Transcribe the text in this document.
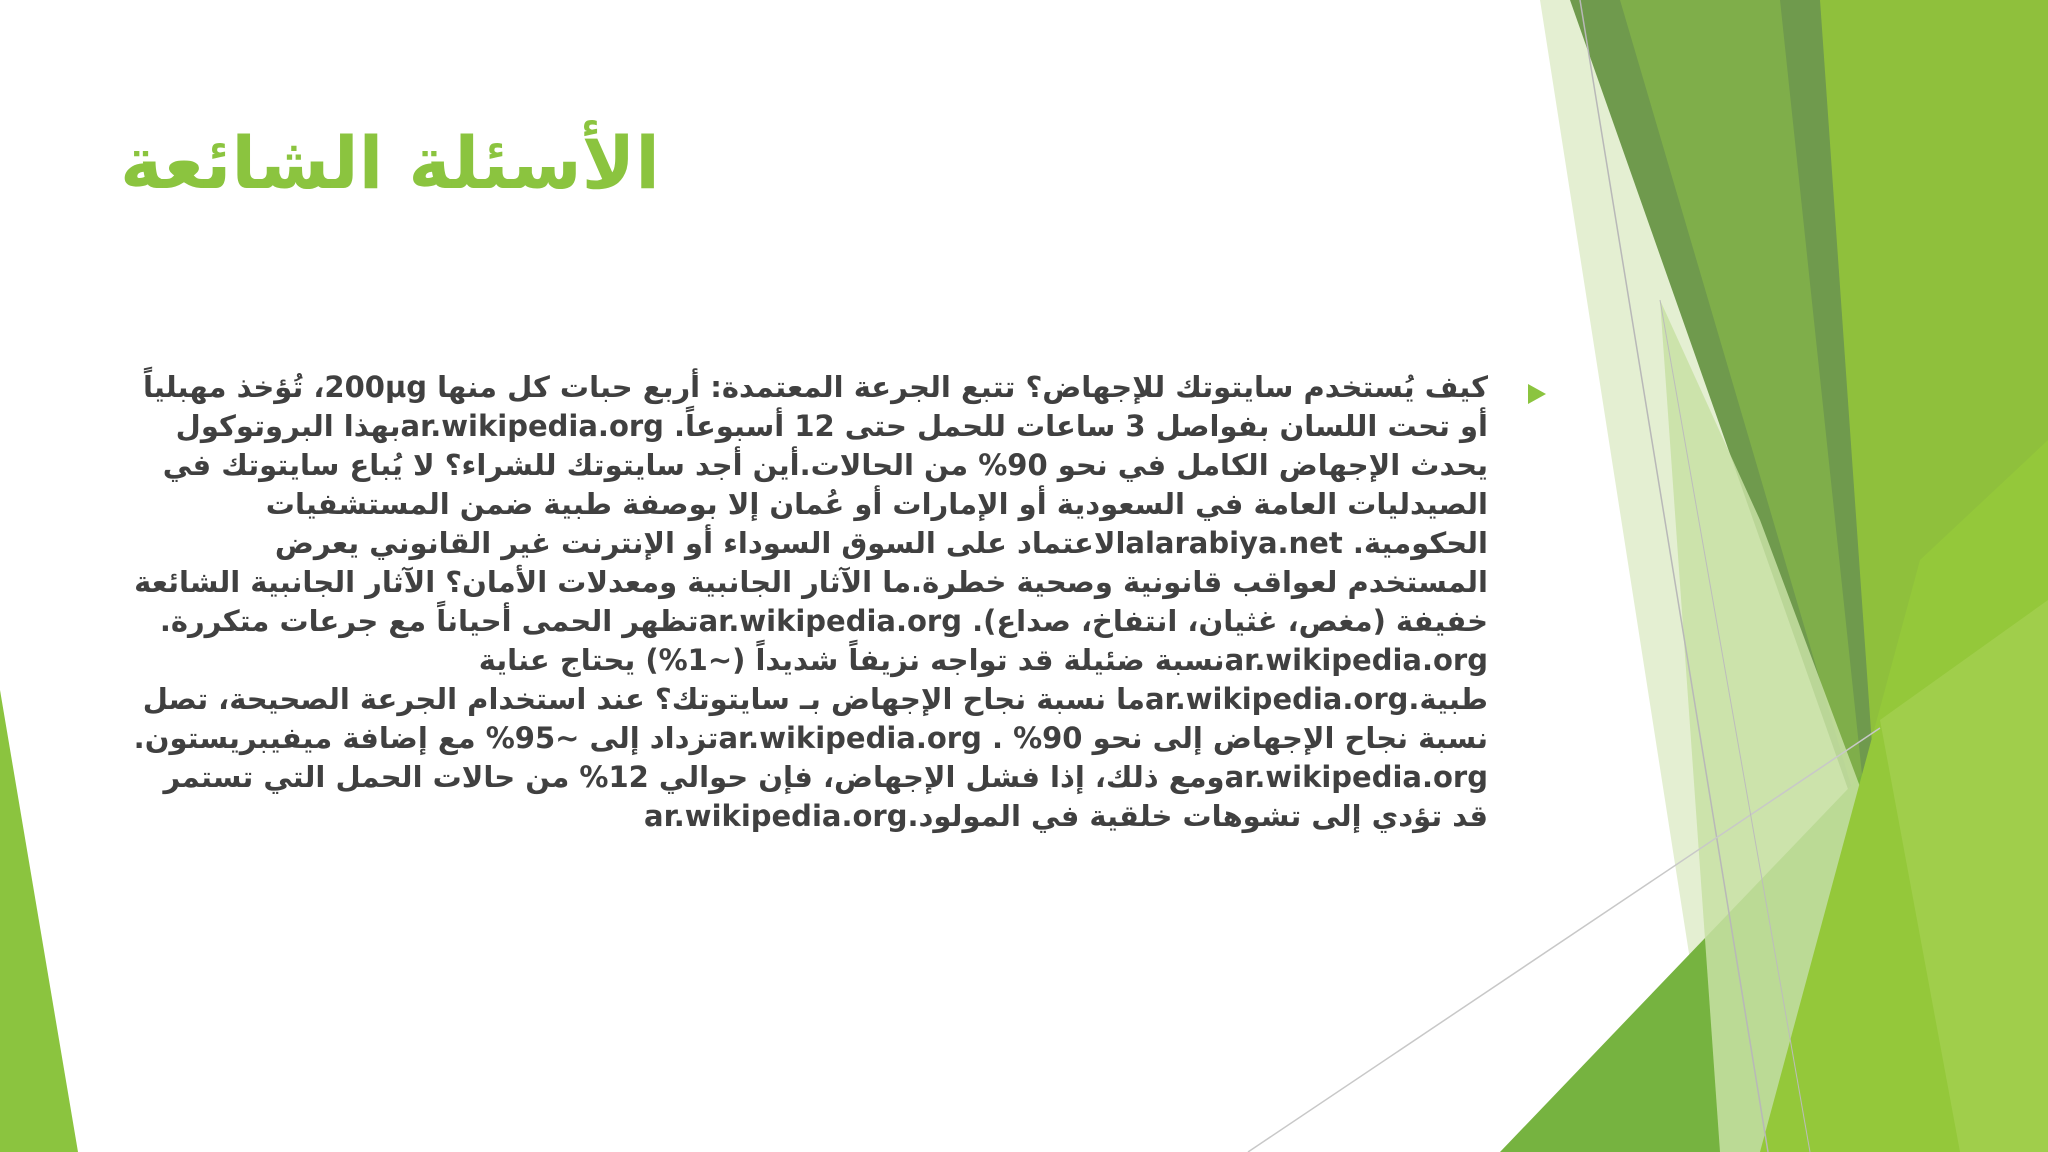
الأسئلة الشائعة

كيف يُستخدم سايتوتك للإجهاض؟ تتبع الجرعة المعتمدة: أربع حبات كل منها 200µg، تُؤخذ مهبلياً أو تحت اللسان بفواصل 3 ساعات للحمل حتى 12 أسبوعاً. ar.wikipedia.orgبهذا البروتوكول يحدث الإجهاض الكامل في نحو 90% من الحالات.أين أجد سايتوتك للشراء؟ لا يُباع سايتوتك في الصيدليات العامة في السعودية أو الإمارات أو عُمان إلا بوصفة طبية ضمن المستشفيات الحكومية. alarabiya.netالاعتماد على السوق السوداء أو الإنترنت غير القانوني يعرض المستخدم لعواقب قانونية وصحية خطرة.ما الآثار الجانبية ومعدلات الأمان؟ الآثار الجانبية الشائعة خفيفة (مغص، غثيان، انتفاخ، صداع). ar.wikipedia.orgتظهر الحمى أحياناً مع جرعات متكررة. ar.wikipedia.orgنسبة ضئيلة قد تواجه نزيفاً شديداً (~1%) يحتاج عناية طبية.ar.wikipedia.orgما نسبة نجاح الإجهاض بـ سايتوتك؟ عند استخدام الجرعة الصحيحة، تصل نسبة نجاح الإجهاض إلى نحو 90% . ar.wikipedia.orgتزداد إلى ~95% مع إضافة ميفيبريستون. ar.wikipedia.orgومع ذلك، إذا فشل الإجهاض، فإن حوالي 12% من حالات الحمل التي تستمر قد تؤدي إلى تشوهات خلقية في المولود.ar.wikipedia.org
